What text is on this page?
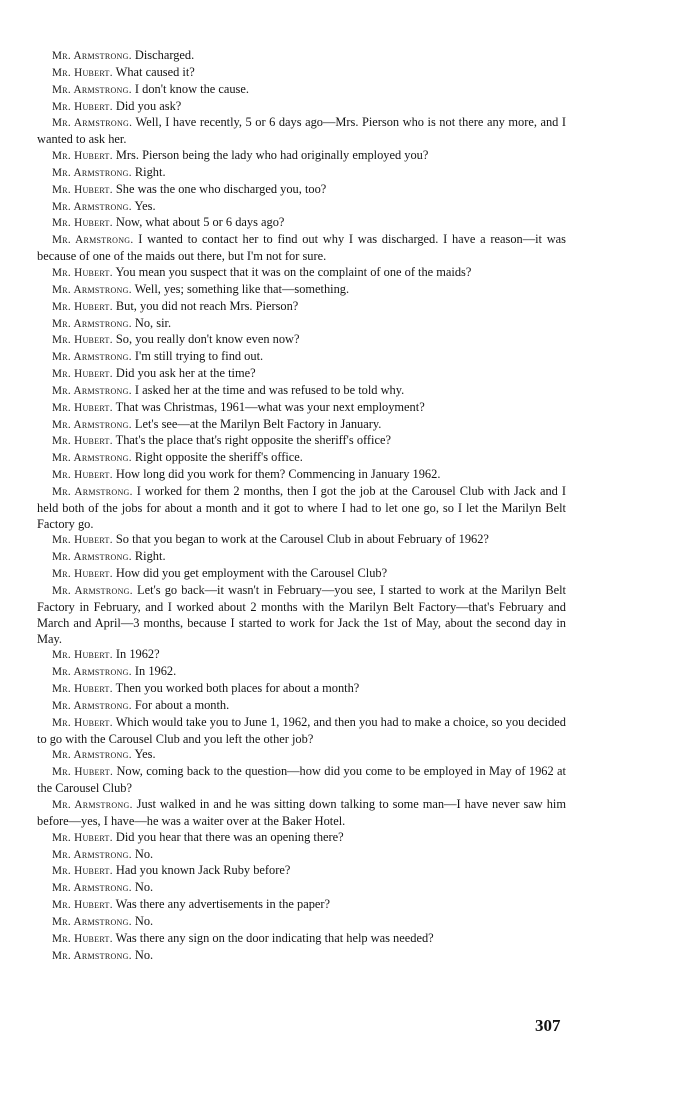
Mr. Armstrong. Discharged.

Mr. Hubert. What caused it?

Mr. Armstrong. I don't know the cause.

Mr. Hubert. Did you ask?

Mr. Armstrong. Well, I have recently, 5 or 6 days ago—Mrs. Pierson who is not there any more, and I wanted to ask her.

Mr. Hubert. Mrs. Pierson being the lady who had originally employed you?

Mr. Armstrong. Right.

Mr. Hubert. She was the one who discharged you, too?

Mr. Armstrong. Yes.

Mr. Hubert. Now, what about 5 or 6 days ago?

Mr. Armstrong. I wanted to contact her to find out why I was discharged. I have a reason—it was because of one of the maids out there, but I'm not for sure.

Mr. Hubert. You mean you suspect that it was on the complaint of one of the maids?

Mr. Armstrong. Well, yes; something like that—something.

Mr. Hubert. But, you did not reach Mrs. Pierson?

Mr. Armstrong. No, sir.

Mr. Hubert. So, you really don't know even now?

Mr. Armstrong. I'm still trying to find out.

Mr. Hubert. Did you ask her at the time?

Mr. Armstrong. I asked her at the time and was refused to be told why.

Mr. Hubert. That was Christmas, 1961—what was your next employment?

Mr. Armstrong. Let's see—at the Marilyn Belt Factory in January.

Mr. Hubert. That's the place that's right opposite the sheriff's office?

Mr. Armstrong. Right opposite the sheriff's office.

Mr. Hubert. How long did you work for them? Commencing in January 1962.

Mr. Armstrong. I worked for them 2 months, then I got the job at the Carousel Club with Jack and I held both of the jobs for about a month and it got to where I had to let one go, so I let the Marilyn Belt Factory go.

Mr. Hubert. So that you began to work at the Carousel Club in about February of 1962?

Mr. Armstrong. Right.

Mr. Hubert. How did you get employment with the Carousel Club?

Mr. Armstrong. Let's go back—it wasn't in February—you see, I started to work at the Marilyn Belt Factory in February, and I worked about 2 months with the Marilyn Belt Factory—that's February and March and April—3 months, because I started to work for Jack the 1st of May, about the second day in May.

Mr. Hubert. In 1962?

Mr. Armstrong. In 1962.

Mr. Hubert. Then you worked both places for about a month?

Mr. Armstrong. For about a month.

Mr. Hubert. Which would take you to June 1, 1962, and then you had to make a choice, so you decided to go with the Carousel Club and you left the other job?

Mr. Armstrong. Yes.

Mr. Hubert. Now, coming back to the question—how did you come to be employed in May of 1962 at the Carousel Club?

Mr. Armstrong. Just walked in and he was sitting down talking to some man—I have never saw him before—yes, I have—he was a waiter over at the Baker Hotel.

Mr. Hubert. Did you hear that there was an opening there?

Mr. Armstrong. No.

Mr. Hubert. Had you known Jack Ruby before?

Mr. Armstrong. No.

Mr. Hubert. Was there any advertisements in the paper?

Mr. Armstrong. No.

Mr. Hubert. Was there any sign on the door indicating that help was needed?

Mr. Armstrong. No.

307
